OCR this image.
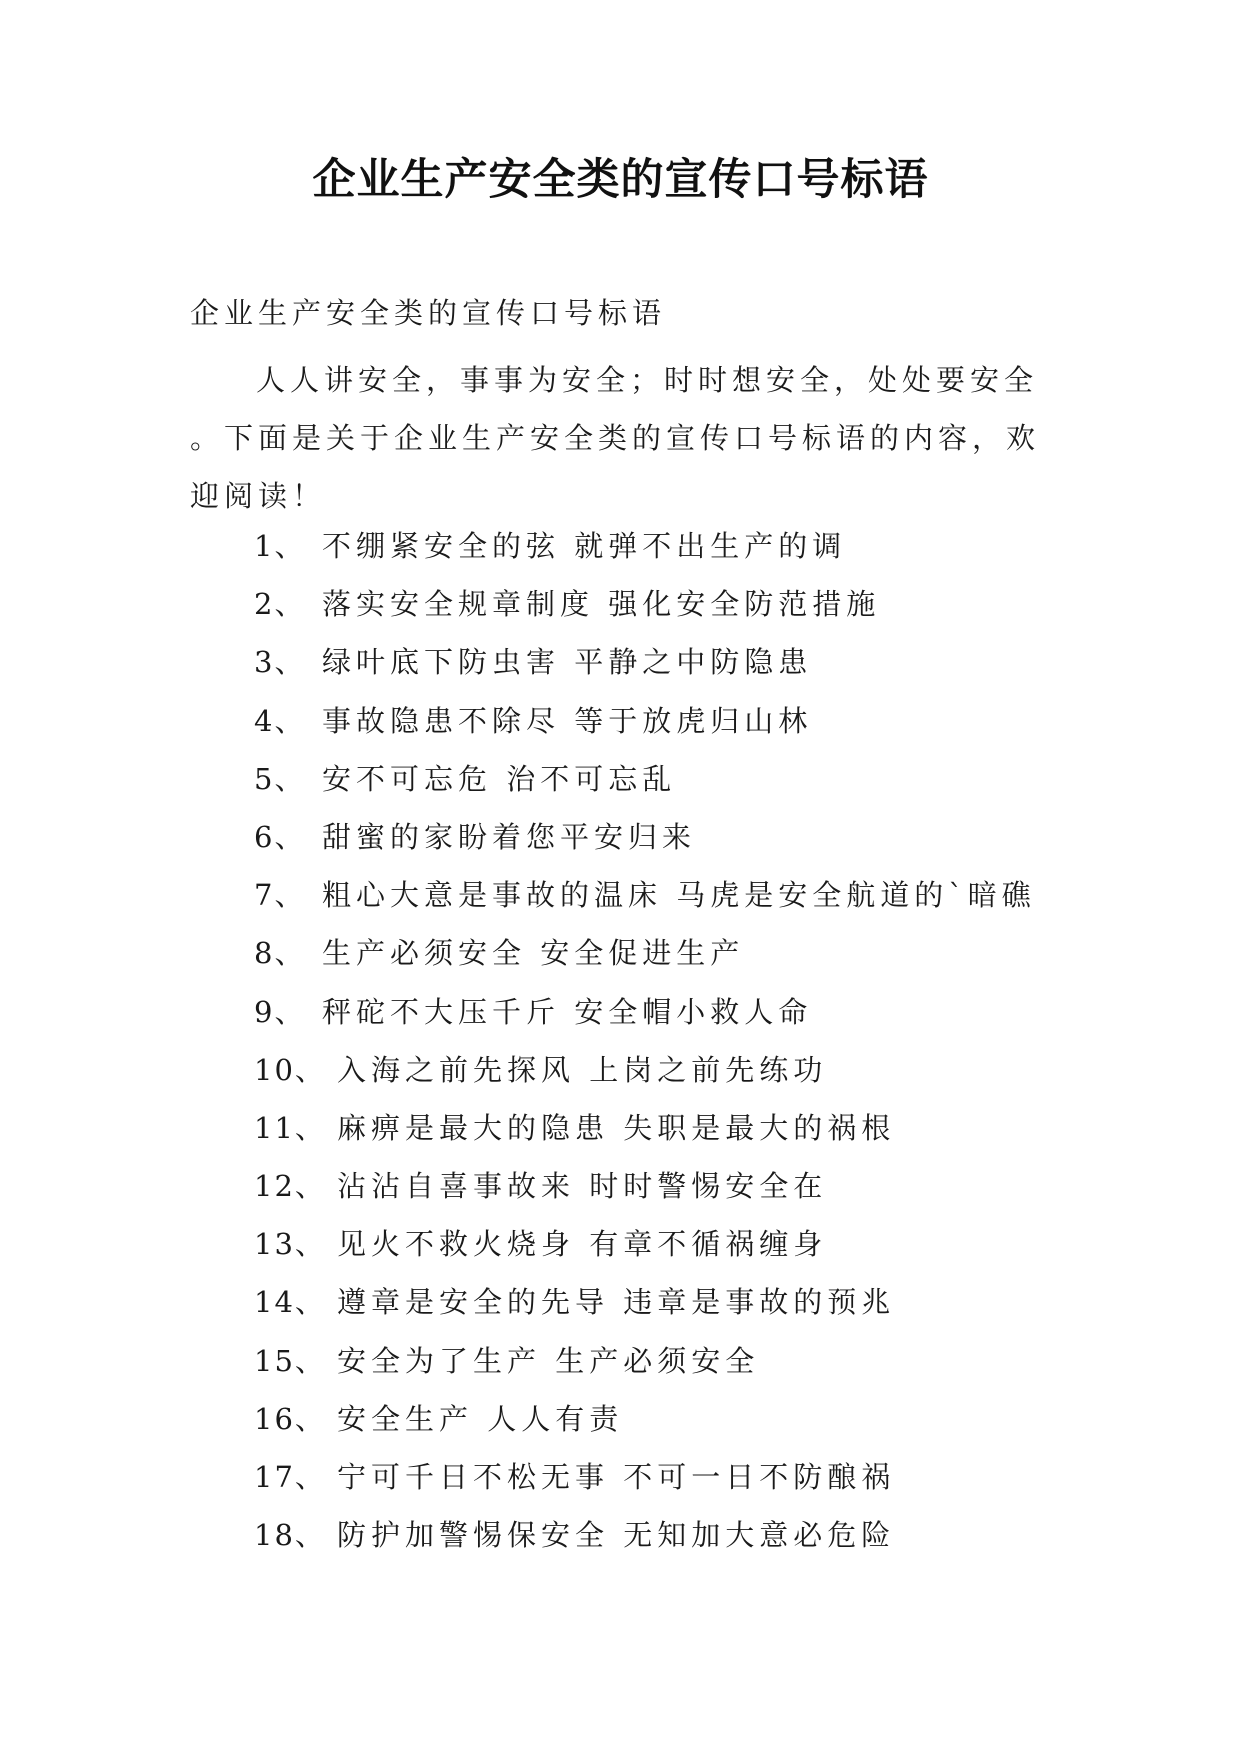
企业生产安全类的宣传口号标语

企业生产安全类的宣传口号标语

人人讲安全，事事为安全；时时想安全，处处要安全 。下面是关于企业生产安全类的宣传口号标语的内容，欢迎阅读！

1、 不绷紧安全的弦 就弹不出生产的调
2、 落实安全规章制度 强化安全防范措施
3、 绿叶底下防虫害 平静之中防隐患
4、 事故隐患不除尽 等于放虎归山林
5、 安不可忘危 治不可忘乱
6、 甜蜜的家盼着您平安归来
7、 粗心大意是事故的温床 马虎是安全航道的`暗礁
8、 生产必须安全 安全促进生产
9、 秤砣不大压千斤 安全帽小救人命
10、 入海之前先探风 上岗之前先练功
11、 麻痹是最大的隐患 失职是最大的祸根
12、 沾沾自喜事故来 时时警惕安全在
13、 见火不救火烧身 有章不循祸缠身
14、 遵章是安全的先导 违章是事故的预兆
15、 安全为了生产 生产必须安全
16、 安全生产 人人有责
17、 宁可千日不松无事 不可一日不防酿祸
18、 防护加警惕保安全 无知加大意必危险
